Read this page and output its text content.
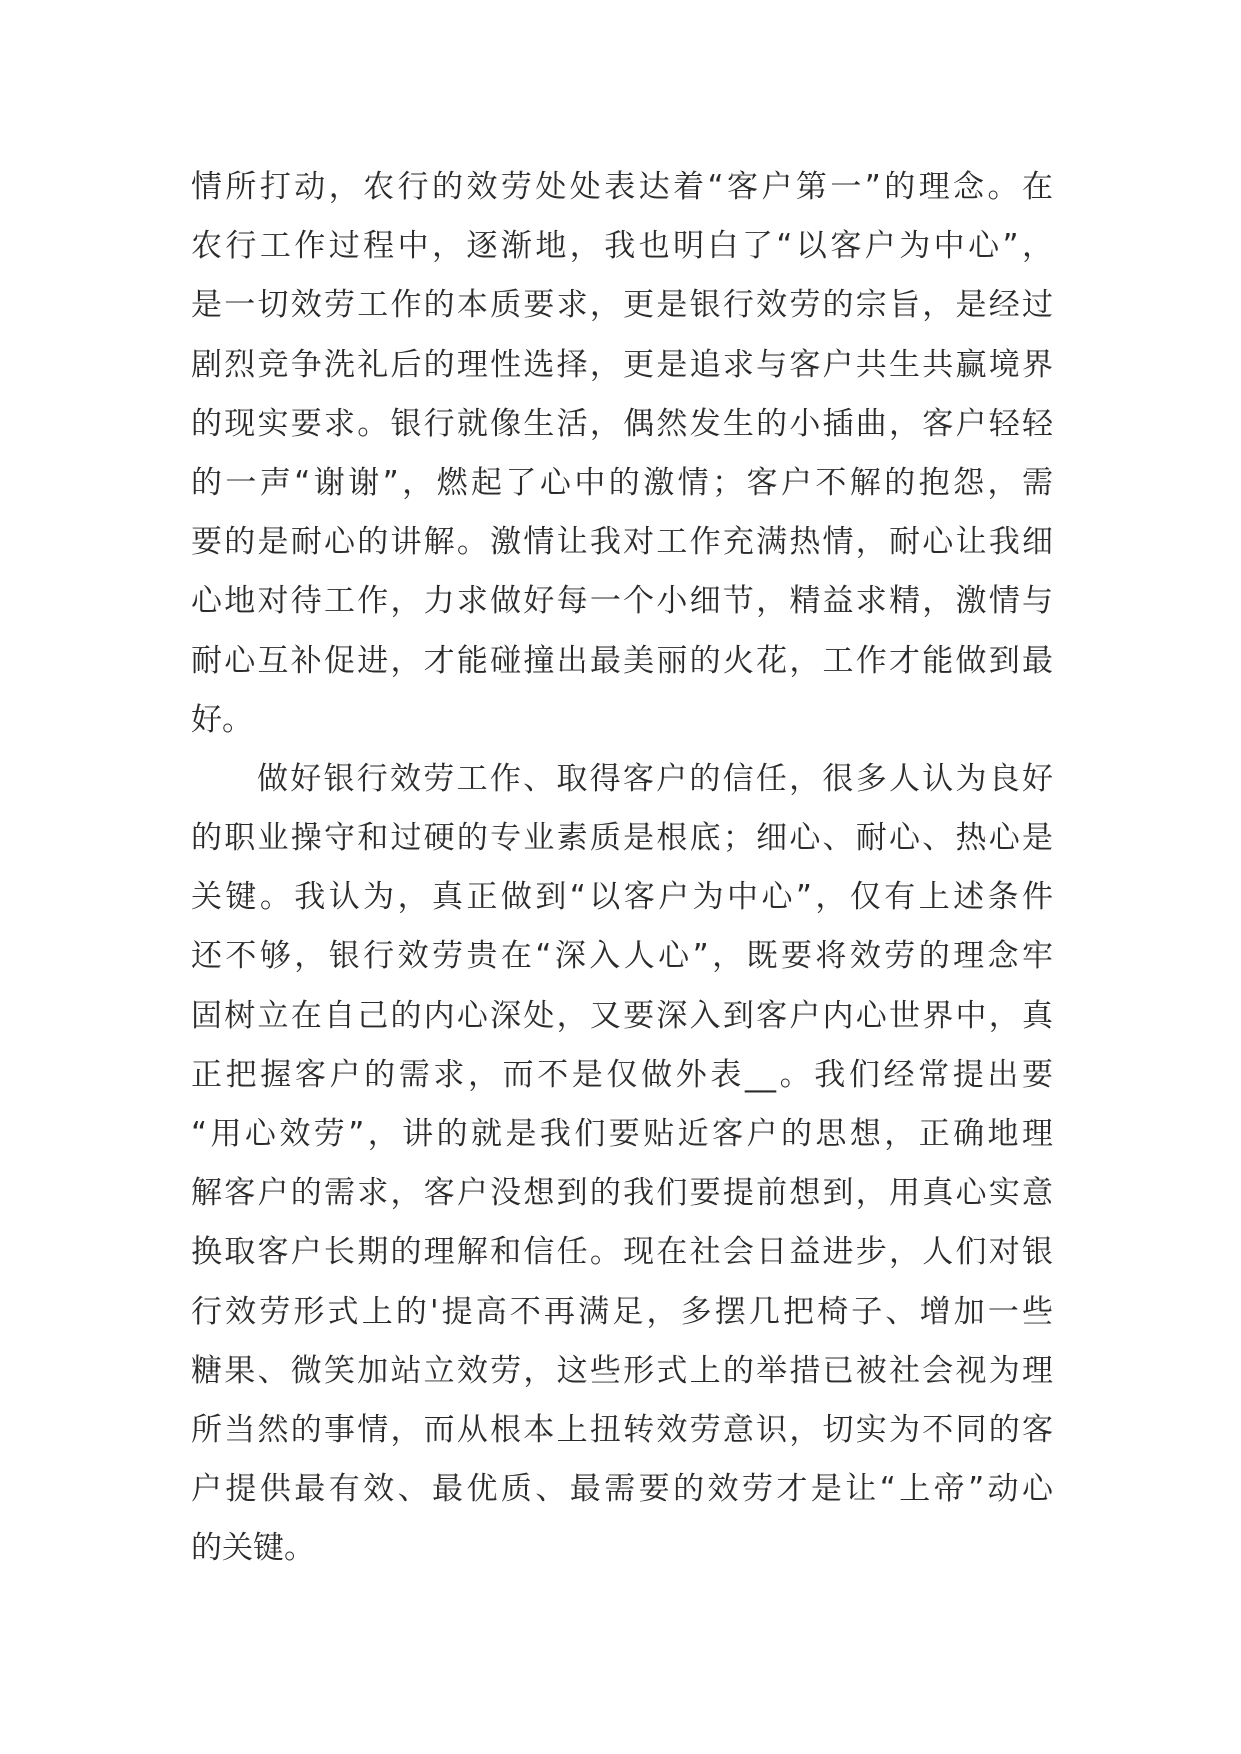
情所打动，农行的效劳处处表达着“客户第一”的理念。在
农行工作过程中，逐渐地，我也明白了“以客户为中心”，
是一切效劳工作的本质要求，更是银行效劳的宗旨，是经过
剧烈竞争洗礼后的理性选择，更是追求与客户共生共赢境界
的现实要求。银行就像生活，偶然发生的小插曲，客户轻轻
的一声“谢谢”，燃起了心中的激情；客户不解的抱怨，需
要的是耐心的讲解。激情让我对工作充满热情，耐心让我细
心地对待工作，力求做好每一个小细节，精益求精，激情与
耐心互补促进，才能碰撞出最美丽的火花，工作才能做到最
好。
做好银行效劳工作、取得客户的信任，很多人认为良好
的职业操守和过硬的专业素质是根底；细心、耐心、热心是
关键。我认为，真正做到“以客户为中心”，仅有上述条件
还不够，银行效劳贵在“深入人心”，既要将效劳的理念牢
固树立在自己的内心深处，又要深入到客户内心世界中，真
正把握客户的需求，而不是仅做外表__。我们经常提出要
“用心效劳”，讲的就是我们要贴近客户的思想，正确地理
解客户的需求，客户没想到的我们要提前想到，用真心实意
换取客户长期的理解和信任。现在社会日益进步，人们对银
行效劳形式上的'提高不再满足，多摆几把椅子、增加一些
糖果、微笑加站立效劳，这些形式上的举措已被社会视为理
所当然的事情，而从根本上扭转效劳意识，切实为不同的客
户提供最有效、最优质、最需要的效劳才是让“上帝”动心
的关键。
